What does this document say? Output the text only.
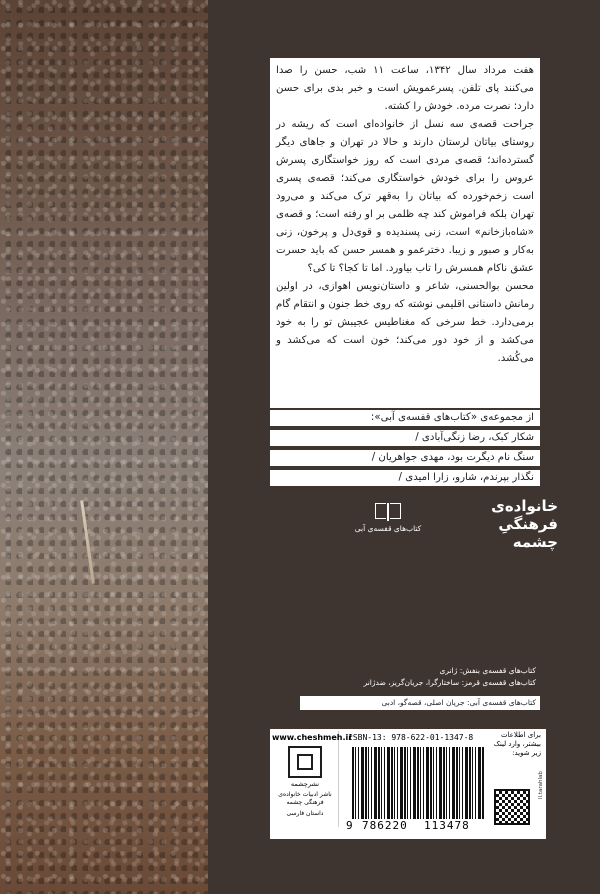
هفت مرداد سال ۱۳۴۲، ساعت ۱۱ شب، حسن را صدا می‌کنند پای تلفن. پسرعمویش است و خبر بدی برای حسن دارد: نصرت مرده. خودش را کشته.

جراحت قصه‌ی سه نسل از خانواده‌ای است که ریشه در روستای بیاتان لرستان دارند و حالا در تهران و جاهای دیگر گسترده‌اند؛ قصه‌ی مردی است که روز خواستگاری پسرش عروس را برای خودش خواستگاری می‌کند؛ قصه‌ی پسری است زخم‌خورده که بیاتان را به‌قهر ترک می‌کند و می‌رود تهران بلکه فراموش کند چه ظلمی بر او رفته است؛ و قصه‌ی «شاه‌بازخانم» است، زنی پسندیده و قوی‌دل و پرخون، زنی به‌کار و صبور و زیبا. دخترعمو و همسر حسن که باید حسرت عشق ناکام همسرش را تاب بیاورد. اما تا کجا؟ تا کی؟

محسن بوالحسنی، شاعر و داستان‌نویس اهوازی، در اولین رمانش داستانی اقلیمی نوشته که روی خط جنون و انتقام گام برمی‌دارد. خط سرخی که مغناطیس عجیبش تو را به خود می‌کشد و از خود دور می‌کند؛ خون است که می‌کشد و می‌کُشد.

از مجموعه‌ی «کتاب‌های قفسه‌ی آبی»:
شکار کبک، رضا زنگی‌آبادی /
سنگ نام دیگرت بود، مهدی جواهریان /
نگذار بپرندم، شارو، زارا امیدی /
خانواده‌ی
فرهنگیِ
چشمه
کتاب‌های قفسه‌ی آبی
کتاب‌های قفسه‌ی بنفش: ژانری
کتاب‌های قفسه‌ی قرمز: ساختارگرا، جریان‌گریز، ضدژانر
کتاب‌های قفسه‌ی آبی: جریان اصلی، قصه‌گو، ادبی
www.cheshmeh.ir
نشرچشمه
ناشر ادبیات خانواده‌ی فرهنگی چشمه
داستان فارسی
ISBN-13: 978-622-01-1347-8
9 786220 113478
برای اطلاعات بیشتر، وارد لینک زیر شوید:
ll.tarahlab
